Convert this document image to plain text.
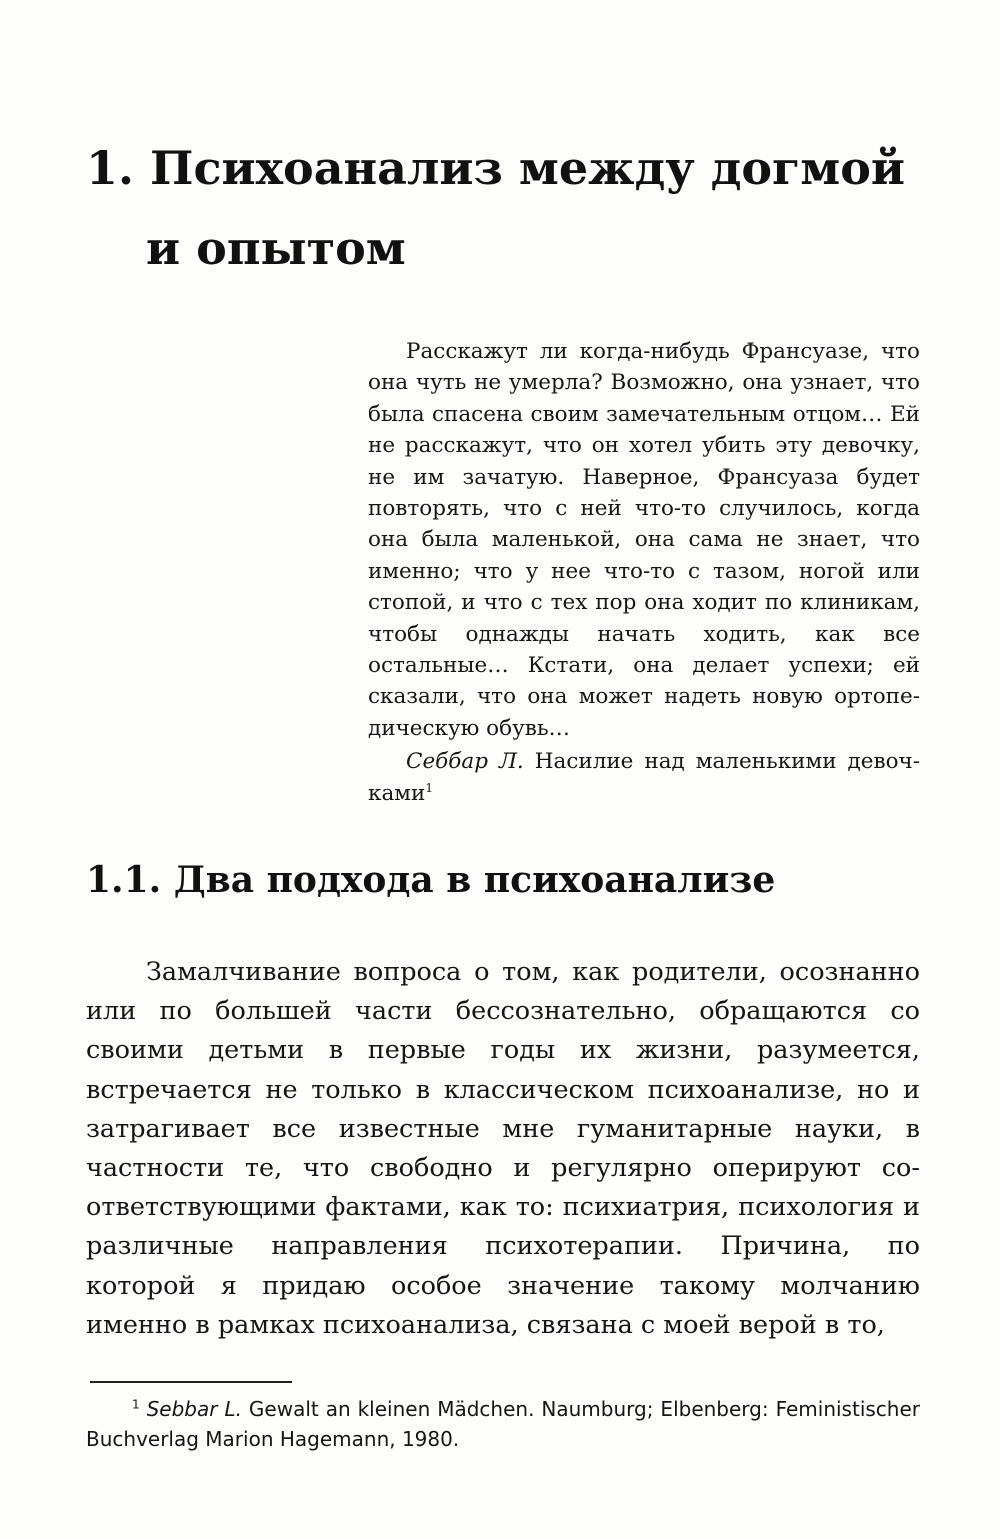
1. Психоанализ между догмой
и опытом

Расскажут ли когда-нибудь Франсуазе, что она чуть не умерла? Возможно, она узнает, что была спасена своим замечательным отцом… Ей не расскажут, что он хотел убить эту девочку, не им зачатую. Наверное, Франсуаза будет повторять, что с ней что-то случилось, когда она была маленькой, она сама не знает, что именно; что у нее что-то с тазом, ногой или стопой, и что с тех пор она ходит по клиникам, чтобы однажды начать ходить, как все остальные… Кстати, она делает успехи; ей сказали, что она может надеть новую ортопедическую обувь…

Себбар Л. Насилие над маленькими девочками$^1$

1.1. Два подхода в психоанализе

Замалчивание вопроса о том, как родители, осознанно или по большей части бессознательно, обращаются со своими детьми в первые годы их жизни, разумеется, встречается не только в классическом психоанализе, но и затрагивает все известные мне гуманитарные науки, в частности те, что свободно и регулярно оперируют соответствующими фактами, как то: психиатрия, психология и различные направления психотерапии. Причина, по которой я придаю особое значение такому молчанию именно в рамках психоанализа, связана с моей верой в то,

$^1$ Sebbar L. Gewalt an kleinen Mädchen. Naumburg; Elbenberg: Feministischer Buchverlag Marion Hagemann, 1980.
